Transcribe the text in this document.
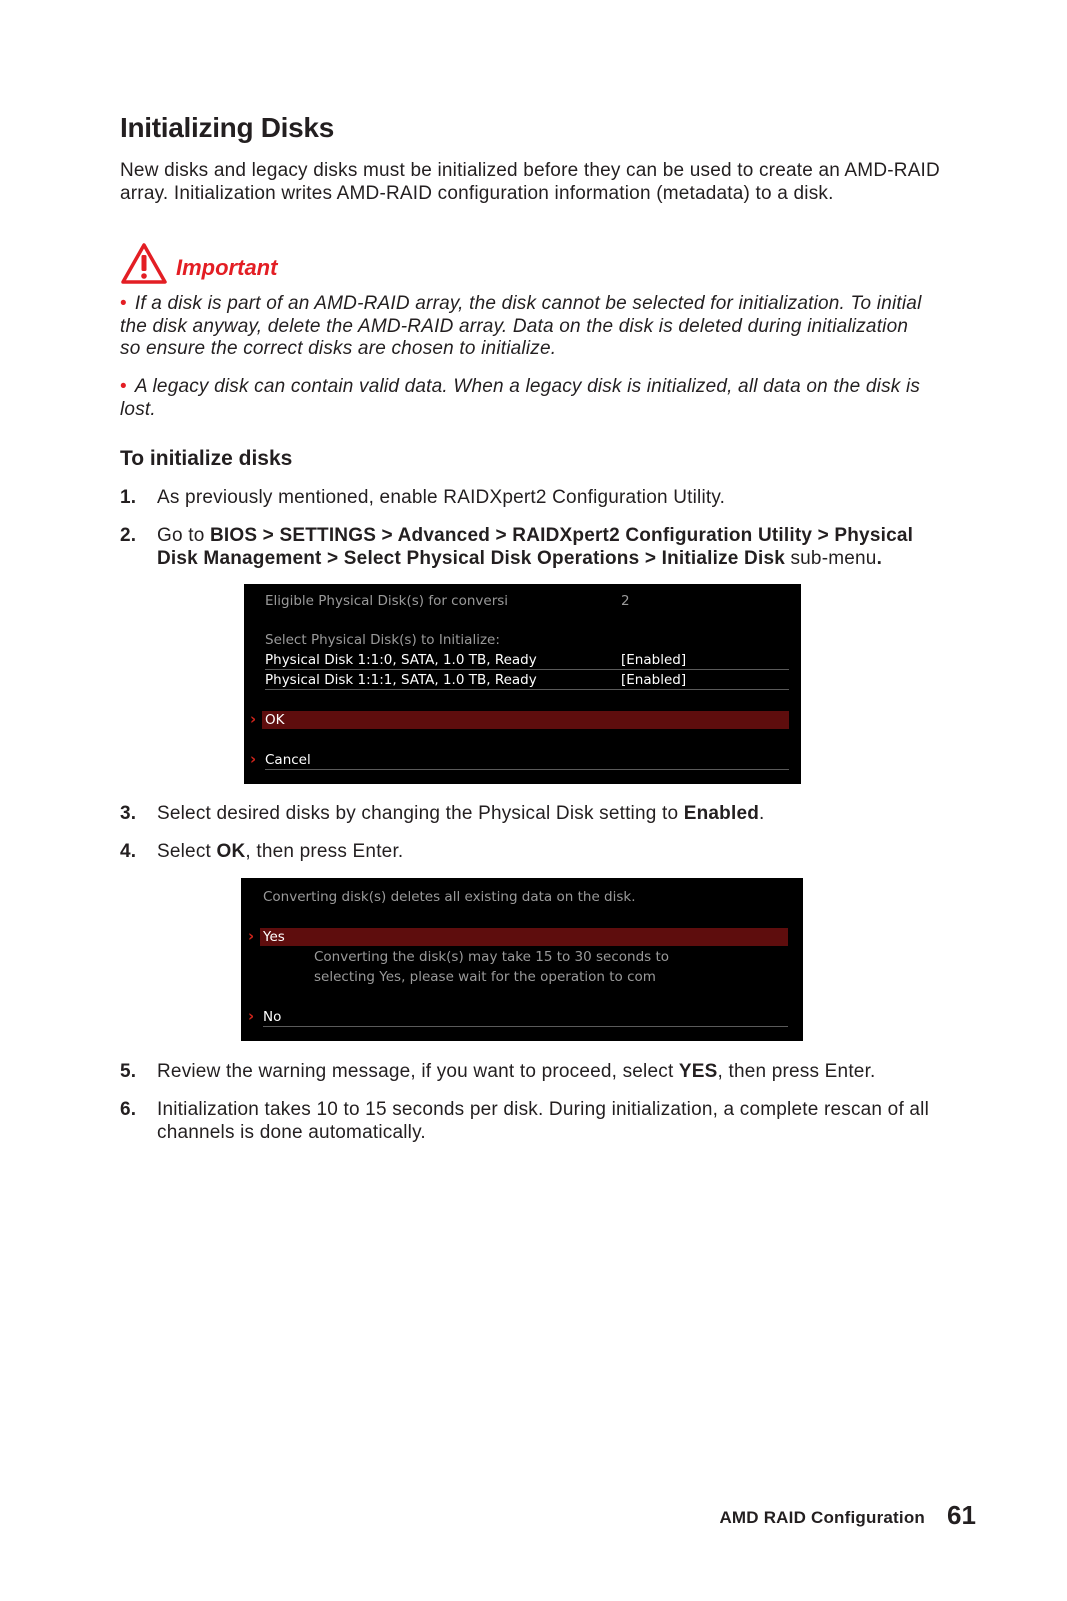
Initializing Disks
New disks and legacy disks must be initialized before they can be used to create an AMD-RAID array. Initialization writes AMD-RAID configuration information (metadata) to a disk.
Important
• If a disk is part of an AMD-RAID array, the disk cannot be selected for initialization. To initial the disk anyway, delete the AMD-RAID array. Data on the disk is deleted during initialization so ensure the correct disks are chosen to initialize.
• A legacy disk can contain valid data. When a legacy disk is initialized, all data on the disk is lost.
To initialize disks
1. As previously mentioned, enable RAIDXpert2 Configuration Utility.
2. Go to BIOS > SETTINGS > Advanced > RAIDXpert2 Configuration Utility > Physical Disk Management > Select Physical Disk Operations > Initialize Disk sub-menu.
Eligible Physical Disk(s) for conversi	2
Select Physical Disk(s) to Initialize:
Physical Disk 1:1:0, SATA, 1.0 TB, Ready	[Enabled]
Physical Disk 1:1:1, SATA, 1.0 TB, Ready	[Enabled]
› OK
› Cancel
3. Select desired disks by changing the Physical Disk setting to Enabled.
4. Select OK, then press Enter.
Converting disk(s) deletes all existing data on the disk.
› Yes
Converting the disk(s) may take 15 to 30 seconds to
selecting Yes, please wait for the operation to com
› No
5. Review the warning message, if you want to proceed, select YES, then press Enter.
6. Initialization takes 10 to 15 seconds per disk. During initialization, a complete rescan of all channels is done automatically.
AMD RAID Configuration 61
